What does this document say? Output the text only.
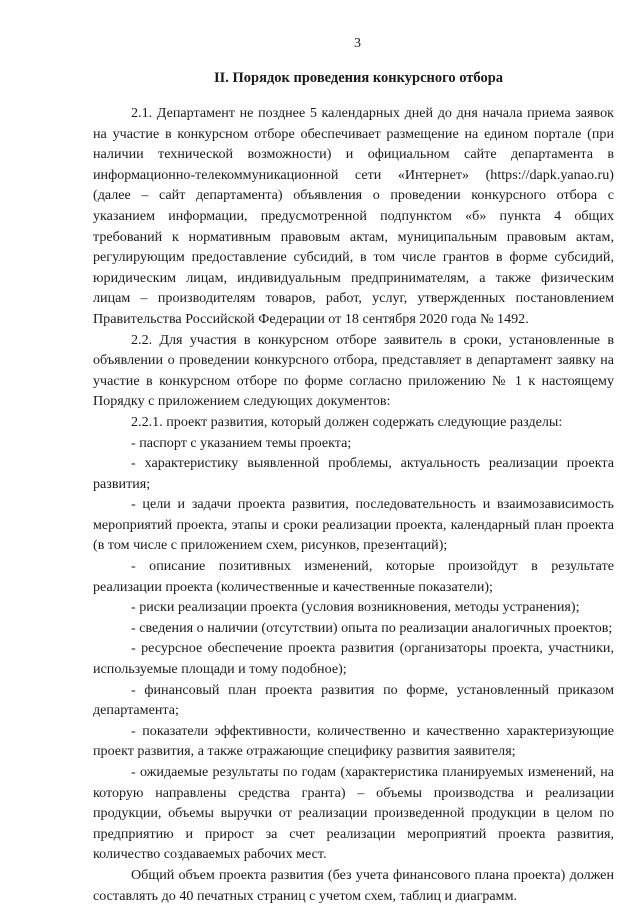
3
II. Порядок проведения конкурсного отбора

2.1. Департамент не позднее 5 календарных дней до дня начала приема заявок на участие в конкурсном отборе обеспечивает размещение на едином портале (при наличии технической возможности) и официальном сайте департамента в информационно-телекоммуникационной сети «Интернет» (https://dapk.yanao.ru) (далее – сайт департамента) объявления о проведении конкурсного отбора с указанием информации, предусмотренной подпунктом «б» пункта 4 общих требований к нормативным правовым актам, муниципальным правовым актам, регулирующим предоставление субсидий, в том числе грантов в форме субсидий, юридическим лицам, индивидуальным предпринимателям, а также физическим лицам – производителям товаров, работ, услуг, утвержденных постановлением Правительства Российской Федерации от 18 сентября 2020 года № 1492.

2.2. Для участия в конкурсном отборе заявитель в сроки, установленные в объявлении о проведении конкурсного отбора, представляет в департамент заявку на участие в конкурсном отборе по форме согласно приложению № 1 к настоящему Порядку с приложением следующих документов:

2.2.1. проект развития, который должен содержать следующие разделы:

- паспорт с указанием темы проекта;

- характеристику выявленной проблемы, актуальность реализации проекта развития;

- цели и задачи проекта развития, последовательность и взаимозависимость мероприятий проекта, этапы и сроки реализации проекта, календарный план проекта (в том числе с приложением схем, рисунков, презентаций);

- описание позитивных изменений, которые произойдут в результате реализации проекта (количественные и качественные показатели);

- риски реализации проекта (условия возникновения, методы устранения);

- сведения о наличии (отсутствии) опыта по реализации аналогичных проектов;

- ресурсное обеспечение проекта развития (организаторы проекта, участники, используемые площади и тому подобное);

- финансовый план проекта развития по форме, установленный приказом департамента;

- показатели эффективности, количественно и качественно характеризующие проект развития, а также отражающие специфику развития заявителя;

- ожидаемые результаты по годам (характеристика планируемых изменений, на которую направлены средства гранта) – объемы производства и реализации продукции, объемы выручки от реализации произведенной продукции в целом по предприятию и прирост за счет реализации мероприятий проекта развития, количество создаваемых рабочих мест.

Общий объем проекта развития (без учета финансового плана проекта) должен составлять до 40 печатных страниц с учетом схем, таблиц и диаграмм.
